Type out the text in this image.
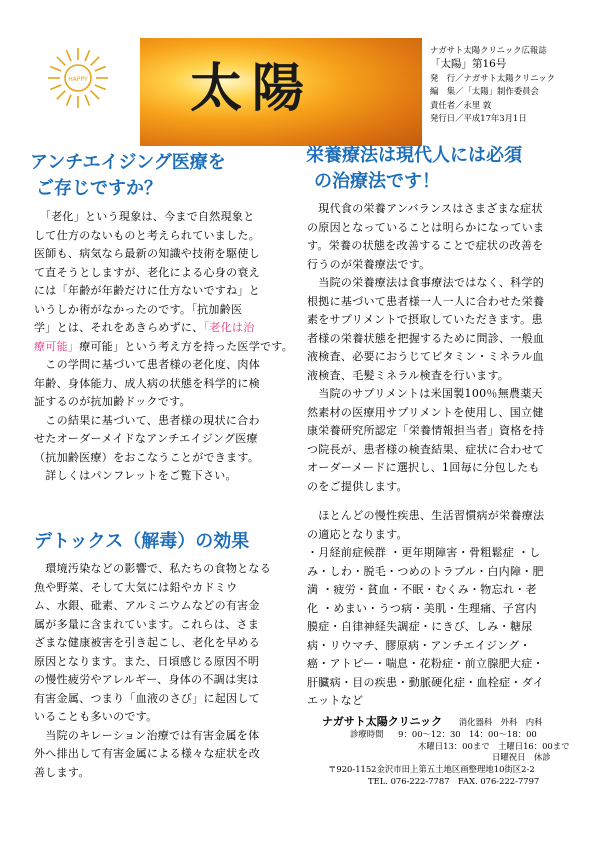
HAPPY 太陽
ナガサト太陽クリニック広報誌
「太陽」第16号
発　行／ナガサト太陽クリニック
編　集／「太陽」制作委員会
責任者／永里 敦
発行日／平成17年3月1日
アンチエイジング医療を
ご存じですか？

　「老化」という現象は、今まで自然現象と

して仕方のないものと考えられていました。

医師も、病気なら最新の知識や技術を駆使し

て直そうとしますが、老化による心身の衰え

には「年齢が年齢だけに仕方ないですね」と

いうしか術がなかったのです。「抗加齢医

学」とは、それをあきらめずに、「老化は治

療可能」療可能」という考え方を持った医学です。

　この学問に基づいて患者様の老化度、肉体

年齢、身体能力、成人病の状態を科学的に検

証するのが抗加齢ドックです。

　この結果に基づいて、患者様の現状に合わ

せたオーダーメイドなアンチエイジング医療

（抗加齢医療）をおこなうことができます。

　詳しくはパンフレットをご覧下さい。

栄養療法は現代人には必須
の治療法です！

　現代食の栄養アンバランスはさまざまな症状

の原因となっていることは明らかになっていま

す。栄養の状態を改善することで症状の改善を

行うのが栄養療法です。

　当院の栄養療法は食事療法ではなく、科学的

根拠に基づいて患者様一人一人に合わせた栄養

素をサプリメントで摂取していただきます。患

者様の栄養状態を把握するために問診、一般血

液検査、必要におうじてビタミン・ミネラル血

液検査、毛髪ミネラル検査を行います。

　当院のサプリメントは米国製100％無農薬天

然素材の医療用サプリメントを使用し、国立健

康栄養研究所認定「栄養情報担当者」資格を持

つ院長が、患者様の検査結果、症状に合わせて

オーダーメードに選択し、1回毎に分包したも

のをご提供します。

　ほとんどの慢性疾患、生活習慣病が栄養療法

の適応となります。

・月経前症候群 ・更年期障害・骨粗鬆症 ・し

み・しわ・脱毛・つめのトラブル・白内障・肥

満 ・疲労・貧血・不眠・むくみ・物忘れ・老

化 ・めまい・うつ病・美肌・生理痛、子宮内

膜症・自律神経失調症・にきび、しみ・糖尿

病・リウマチ、膠原病・アンチエイジング・

癌・アトピー・喘息・花粉症・前立腺肥大症・

肝臓病・目の疾患・動脈硬化症・血栓症・ダイ

エットなど

デトックス（解毒）の効果

　環境汚染などの影響で、私たちの食物となる

魚や野菜、そして大気には鉛やカドミウ

ム、水銀、砒素、アルミニウムなどの有害金

属が多量に含まれています。これらは、さま

ざまな健康被害を引き起こし、老化を早める

原因となります。また、日頃感じる原因不明

の慢性疲労やアレルギー、身体の不調は実は

有害金属、つまり「血液のさび」に起因して

いることも多いのです。

　当院のキレーション治療では有害金属を体

外へ排出して有害金属による様々な症状を改

善します。

ナガサト太陽クリニック 消化器科　外科　内科
診療時間 9：00〜12：30　14：00〜18：00
木曜日13：00まで　土曜日16：00まで
日曜祝日　休診
〒920-1152金沢市田上第五土地区画整理地10街区2-2
TEL. 076-222-7787　FAX. 076-222-7797
